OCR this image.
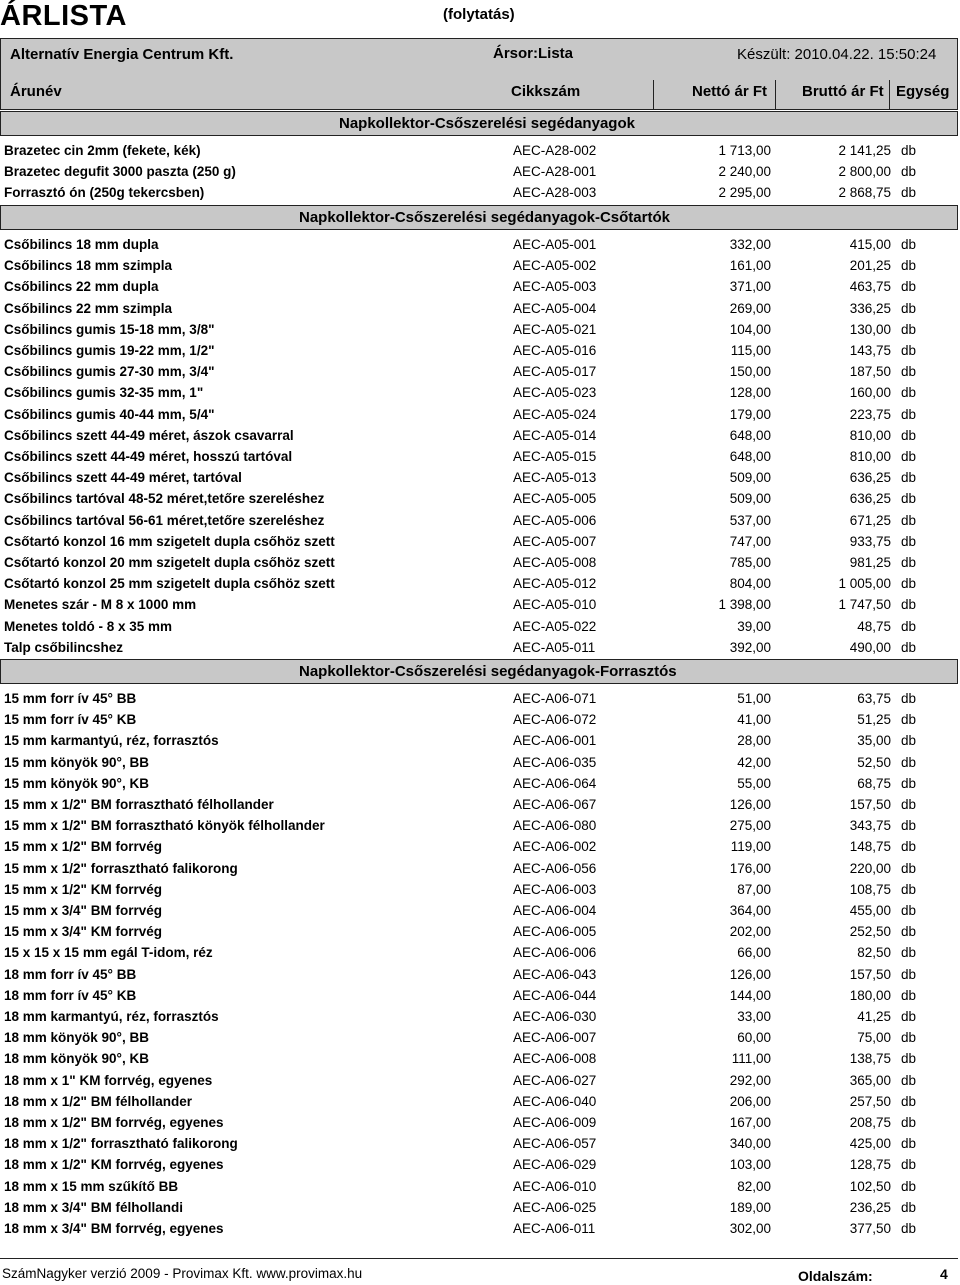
ÁRLISTA	(folytatás)
Alternatív Energia Centrum Kft.	Ársor:Lista	Készült: 2010.04.22. 15:50:24
Árunév	Cikkszám	Nettó ár Ft Bruttó ár Ft Egység
Napkollektor-Csőszerelési segédanyagok
Brazetec cin 2mm (fekete, kék)	AEC-A28-002	1 713,00	2 141,25 db
Brazetec degufit 3000 paszta (250 g)	AEC-A28-001	2 240,00	2 800,00 db
Forrasztó ón (250g tekercsben)	AEC-A28-003	2 295,00	2 868,75 db
Napkollektor-Csőszerelési segédanyagok-Csőtartók
Csőbilincs 18 mm dupla	AEC-A05-001	332,00	415,00 db
Csőbilincs 18 mm szimpla	AEC-A05-002	161,00	201,25 db
Csőbilincs 22 mm dupla	AEC-A05-003	371,00	463,75 db
Csőbilincs 22 mm szimpla	AEC-A05-004	269,00	336,25 db
Csőbilincs gumis 15-18 mm, 3/8"	AEC-A05-021	104,00	130,00 db
Csőbilincs gumis 19-22 mm, 1/2"	AEC-A05-016	115,00	143,75 db
Csőbilincs gumis 27-30 mm, 3/4"	AEC-A05-017	150,00	187,50 db
Csőbilincs gumis 32-35 mm, 1"	AEC-A05-023	128,00	160,00 db
Csőbilincs gumis 40-44 mm, 5/4"	AEC-A05-024	179,00	223,75 db
Csőbilincs szett 44-49 méret, ászok csavarral	AEC-A05-014	648,00	810,00 db
Csőbilincs szett 44-49 méret, hosszú tartóval	AEC-A05-015	648,00	810,00 db
Csőbilincs szett 44-49 méret, tartóval	AEC-A05-013	509,00	636,25 db
Csőbilincs tartóval 48-52 méret,tetőre szereléshez	AEC-A05-005	509,00	636,25 db
Csőbilincs tartóval 56-61 méret,tetőre szereléshez	AEC-A05-006	537,00	671,25 db
Csőtartó konzol 16 mm szigetelt dupla csőhöz szett	AEC-A05-007	747,00	933,75 db
Csőtartó konzol 20 mm szigetelt dupla csőhöz szett	AEC-A05-008	785,00	981,25 db
Csőtartó konzol 25 mm szigetelt dupla csőhöz szett	AEC-A05-012	804,00	1 005,00 db
Menetes szár - M 8 x 1000 mm	AEC-A05-010	1 398,00	1 747,50 db
Menetes toldó - 8 x 35 mm	AEC-A05-022	39,00	48,75 db
Talp csőbilincshez	AEC-A05-011	392,00	490,00 db
Napkollektor-Csőszerelési segédanyagok-Forrasztós
15 mm forr ív 45° BB	AEC-A06-071	51,00	63,75 db
15 mm forr ív 45° KB	AEC-A06-072	41,00	51,25 db
15 mm karmantyú, réz, forrasztós	AEC-A06-001	28,00	35,00 db
15 mm könyök 90°, BB	AEC-A06-035	42,00	52,50 db
15 mm könyök 90°, KB	AEC-A06-064	55,00	68,75 db
15 mm x 1/2" BM forrasztható félhollander	AEC-A06-067	126,00	157,50 db
15 mm x 1/2" BM forrasztható könyök félhollander	AEC-A06-080	275,00	343,75 db
15 mm x 1/2" BM forrvég	AEC-A06-002	119,00	148,75 db
15 mm x 1/2" forrasztható falikorong	AEC-A06-056	176,00	220,00 db
15 mm x 1/2" KM forrvég	AEC-A06-003	87,00	108,75 db
15 mm x 3/4" BM forrvég	AEC-A06-004	364,00	455,00 db
15 mm x 3/4" KM forrvég	AEC-A06-005	202,00	252,50 db
15 x 15 x 15 mm egál T-idom, réz	AEC-A06-006	66,00	82,50 db
18 mm forr ív 45° BB	AEC-A06-043	126,00	157,50 db
18 mm forr ív 45° KB	AEC-A06-044	144,00	180,00 db
18 mm karmantyú, réz, forrasztós	AEC-A06-030	33,00	41,25 db
18 mm könyök 90°, BB	AEC-A06-007	60,00	75,00 db
18 mm könyök 90°, KB	AEC-A06-008	111,00	138,75 db
18 mm x 1" KM forrvég, egyenes	AEC-A06-027	292,00	365,00 db
18 mm x 1/2" BM félhollander	AEC-A06-040	206,00	257,50 db
18 mm x 1/2" BM forrvég, egyenes	AEC-A06-009	167,00	208,75 db
18 mm x 1/2" forrasztható falikorong	AEC-A06-057	340,00	425,00 db
18 mm x 1/2" KM forrvég, egyenes	AEC-A06-029	103,00	128,75 db
18 mm x 15 mm szűkítő BB	AEC-A06-010	82,00	102,50 db
18 mm x 3/4" BM félhollandi	AEC-A06-025	189,00	236,25 db
18 mm x 3/4" BM forrvég, egyenes	AEC-A06-011	302,00	377,50 db
SzámNagyker verzió 2009 - Provimax Kft. www.provimax.hu	Oldalszám:	4
